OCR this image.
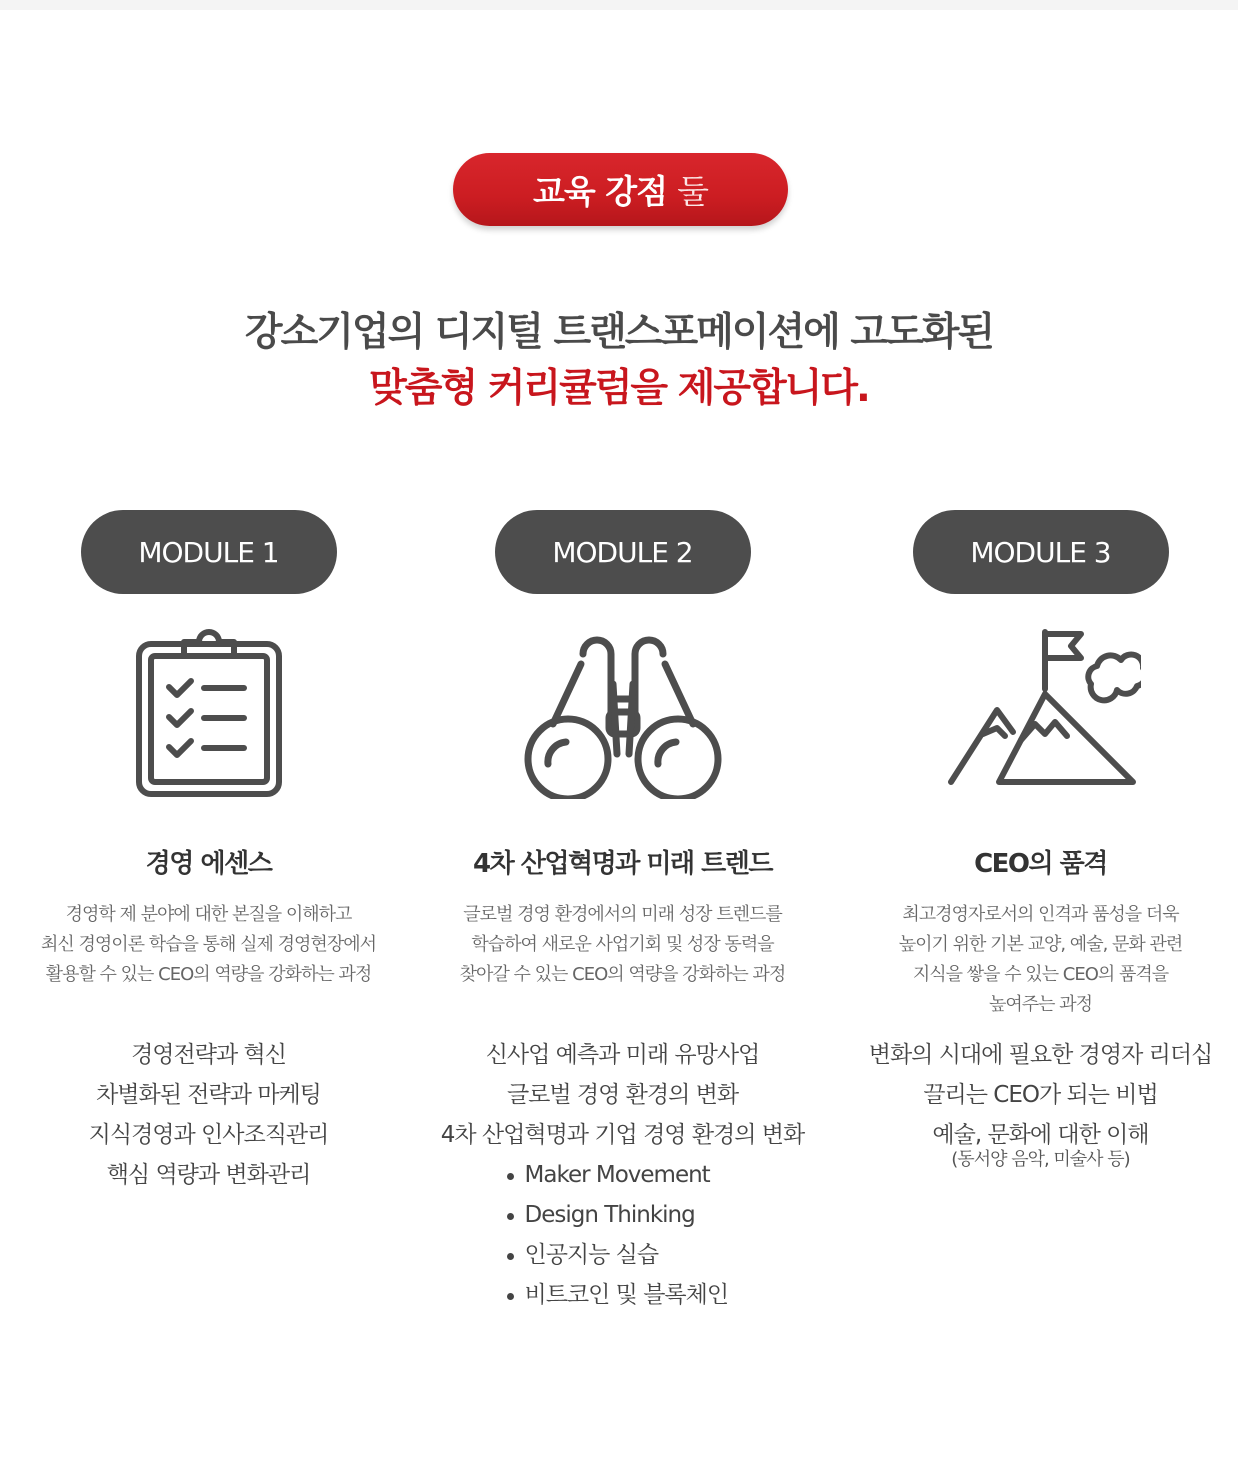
교육 강점 둘
강소기업의 디지털 트랜스포메이션에 고도화된
맞춤형 커리큘럼을 제공합니다.
MODULE 1
경영 에센스
경영학 제 분야에 대한 본질을 이해하고
최신 경영이론 학습을 통해 실제 경영현장에서
활용할 수 있는 CEO의 역량을 강화하는 과정
경영전략과 혁신
차별화된 전략과 마케팅
지식경영과 인사조직관리
핵심 역량과 변화관리
MODULE 2
4차 산업혁명과 미래 트렌드
글로벌 경영 환경에서의 미래 성장 트렌드를
학습하여 새로운 사업기회 및 성장 동력을
찾아갈 수 있는 CEO의 역량을 강화하는 과정
신사업 예측과 미래 유망사업
글로벌 경영 환경의 변화
4차 산업혁명과 기업 경영 환경의 변화
Maker Movement
Design Thinking
인공지능 실습
비트코인 및 블록체인
MODULE 3
CEO의 품격
최고경영자로서의 인격과 품성을 더욱
높이기 위한 기본 교양, 예술, 문화 관련
지식을 쌓을 수 있는 CEO의 품격을
높여주는 과정
변화의 시대에 필요한 경영자 리더십
끌리는 CEO가 되는 비법
예술, 문화에 대한 이해
(동서양 음악, 미술사 등)
